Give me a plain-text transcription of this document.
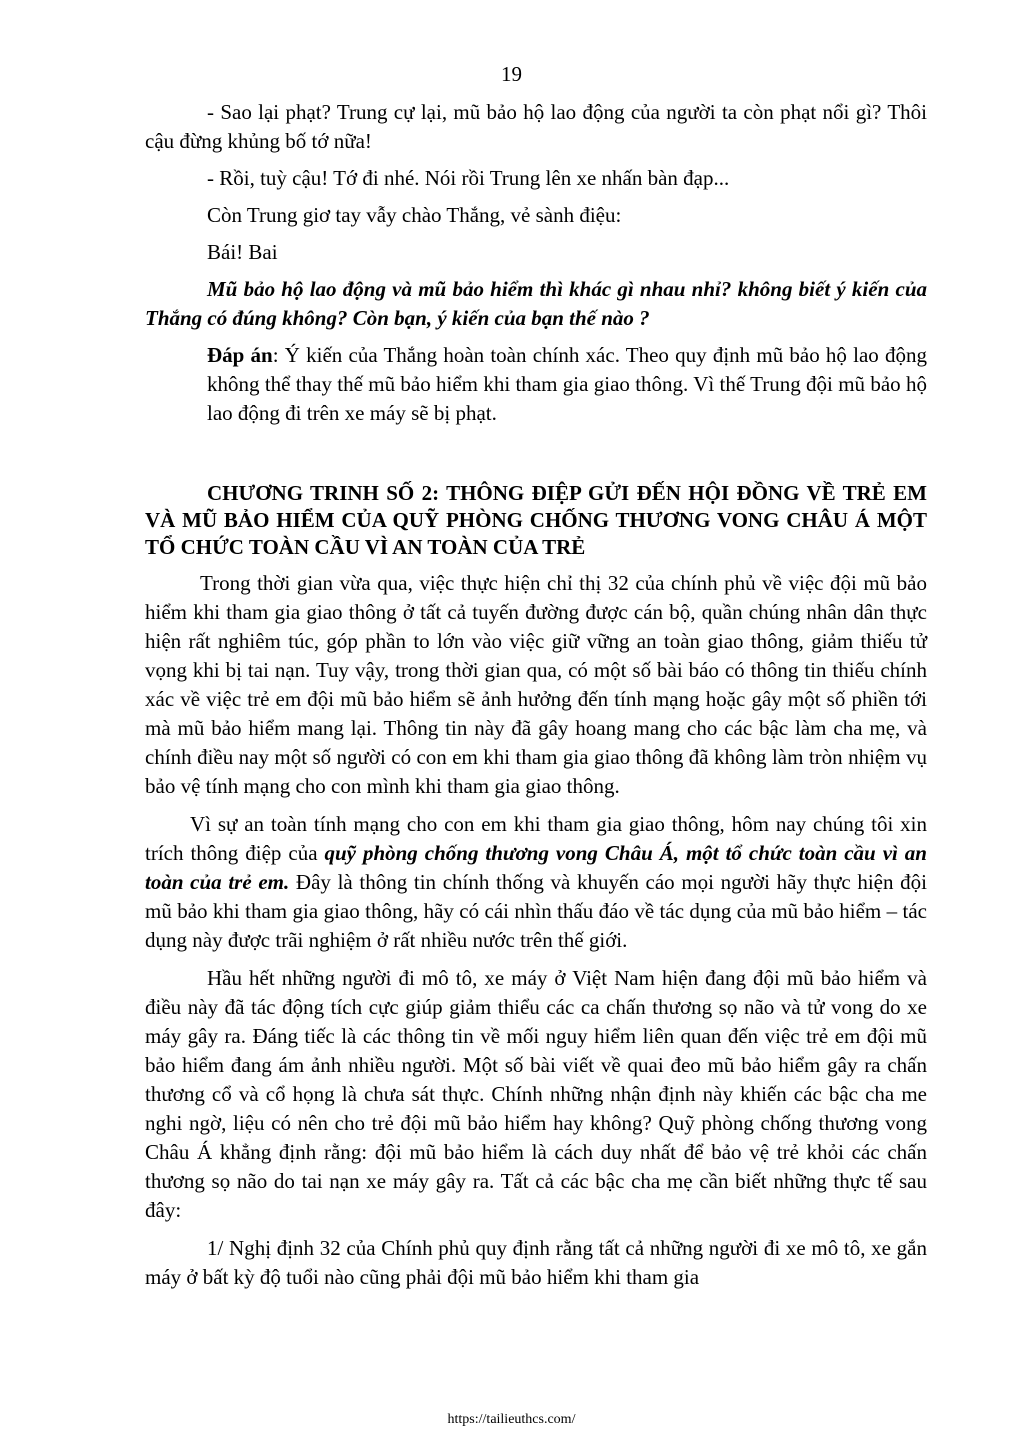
19

- Sao lại phạt? Trung cự lại, mũ bảo hộ lao động của người ta còn phạt nổi gì? Thôi cậu đừng khủng bố tớ nữa!

- Rồi, tuỳ cậu! Tớ đi nhé. Nói rồi Trung lên xe nhấn bàn đạp...

Còn Trung giơ tay vẫy chào Thắng, vẻ sành điệu:

Bái! Bai

Mũ bảo hộ lao động và mũ bảo hiểm thì khác gì nhau nhỉ? không biết ý kiến của Thắng có đúng không? Còn bạn, ý kiến của bạn thế nào ?

Đáp án: Ý kiến của Thắng hoàn toàn chính xác. Theo quy định mũ bảo hộ lao động không thể thay thế mũ bảo hiểm khi tham gia giao thông. Vì thế Trung đội mũ bảo hộ lao động đi trên xe máy sẽ bị phạt.

CHƯƠNG TRINH SỐ 2: THÔNG ĐIỆP GỬI ĐẾN HỘI ĐỒNG VỀ TRẺ EM VÀ MŨ BẢO HIỂM CỦA QUỸ PHÒNG CHỐNG THƯƠNG VONG CHÂU Á MỘT TỔ CHỨC TOÀN CẦU VÌ AN TOÀN CỦA TRẺ

Trong thời gian vừa qua, việc thực hiện chỉ thị 32 của chính phủ về việc đội mũ bảo hiểm khi tham gia giao thông ở tất cả tuyến đường được cán bộ, quần chúng nhân dân thực hiện rất nghiêm túc, góp phần to lớn vào việc giữ vững an toàn giao thông, giảm thiếu tử vọng khi bị tai nạn. Tuy vậy, trong thời gian qua, có một số bài báo có thông tin thiếu chính xác về việc trẻ em đội mũ bảo hiểm sẽ ảnh hưởng đến tính mạng hoặc gây một số phiền tới mà mũ bảo hiểm mang lại. Thông tin này đã gây hoang mang cho các bậc làm cha mẹ, và chính điều nay một số người có con em khi tham gia giao thông đã không làm tròn nhiệm vụ bảo vệ tính mạng cho con mình khi tham gia giao thông.

Vì sự an toàn tính mạng cho con em khi tham gia giao thông, hôm nay chúng tôi xin trích thông điệp của quỹ phòng chống thương vong Châu Á, một tổ chức toàn cầu vì an toàn của trẻ em. Đây là thông tin chính thống và khuyến cáo mọi người hãy thực hiện đội mũ bảo khi tham gia giao thông, hãy có cái nhìn thấu đáo về tác dụng của mũ bảo hiểm – tác dụng này được trãi nghiệm ở rất nhiều nước trên thế giới.

Hầu hết những người đi mô tô, xe máy ở Việt Nam hiện đang đội mũ bảo hiểm và điều này đã tác động tích cực giúp giảm thiểu các ca chấn thương sọ não và tử vong do xe máy gây ra. Đáng tiếc là các thông tin về mối nguy hiểm liên quan đến việc trẻ em đội mũ bảo hiểm đang ám ảnh nhiều người. Một số bài viết về quai đeo mũ bảo hiểm gây ra chấn thương cổ và cổ họng là chưa sát thực. Chính những nhận định này khiến các bậc cha me nghi ngờ, liệu có nên cho trẻ đội mũ bảo hiểm hay không? Quỹ phòng chống thương vong Châu Á khẳng định rằng: đội mũ bảo hiểm là cách duy nhất để bảo vệ trẻ khỏi các chấn thương sọ não do tai nạn xe máy gây ra. Tất cả các bậc cha mẹ cần biết những thực tế sau đây:

1/ Nghị định 32 của Chính phủ quy định rằng tất cả những người đi xe mô tô, xe gắn máy ở bất kỳ độ tuổi nào cũng phải đội mũ bảo hiểm khi tham gia

https://tailieuthcs.com/
